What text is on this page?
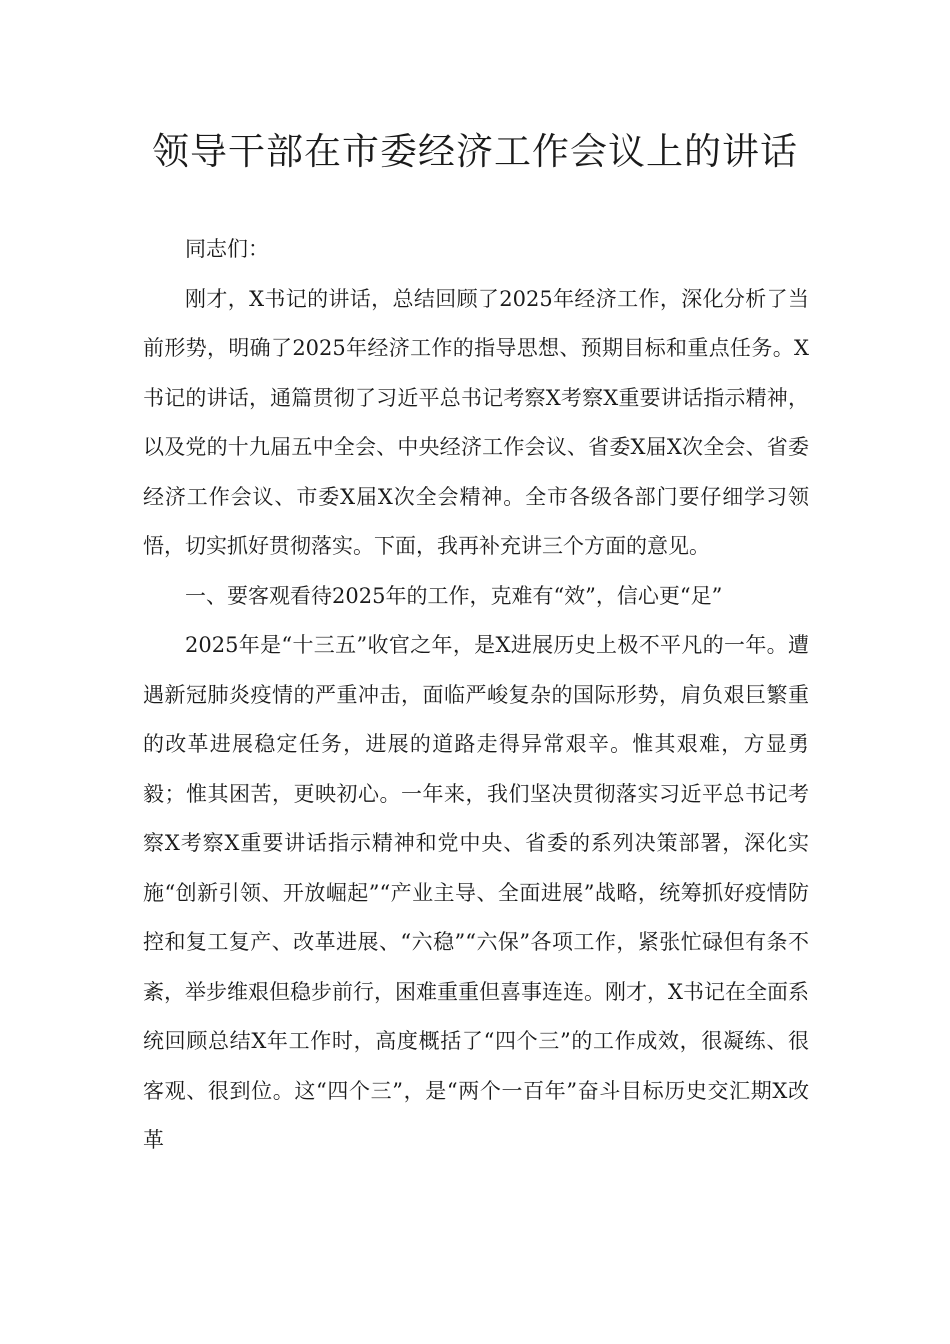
领导干部在市委经济工作会议上的讲话

同志们：

刚才，X书记的讲话，总结回顾了2025年经济工作，深化分析了当前形势，明确了2025年经济工作的指导思想、预期目标和重点任务。X书记的讲话，通篇贯彻了习近平总书记考察X考察X重要讲话指示精神，以及党的十九届五中全会、中央经济工作会议、省委X届X次全会、省委经济工作会议、市委X届X次全会精神。全市各级各部门要仔细学习领悟，切实抓好贯彻落实。下面，我再补充讲三个方面的意见。

一、要客观看待2025年的工作，克难有“效”，信心更“足”

2025年是“十三五”收官之年，是X进展历史上极不平凡的一年。遭遇新冠肺炎疫情的严重冲击，面临严峻复杂的国际形势，肩负艰巨繁重的改革进展稳定任务，进展的道路走得异常艰辛。惟其艰难，方显勇毅；惟其困苦，更映初心。一年来，我们坚决贯彻落实习近平总书记考察X考察X重要讲话指示精神和党中央、省委的系列决策部署，深化实施“创新引领、开放崛起”“产业主导、全面进展”战略，统筹抓好疫情防控和复工复产、改革进展、“六稳”“六保”各项工作，紧张忙碌但有条不紊，举步维艰但稳步前行，困难重重但喜事连连。刚才，X书记在全面系统回顾总结X年工作时，高度概括了“四个三”的工作成效，很凝练、很客观、很到位。这“四个三”，是“两个一百年”奋斗目标历史交汇期X改革
